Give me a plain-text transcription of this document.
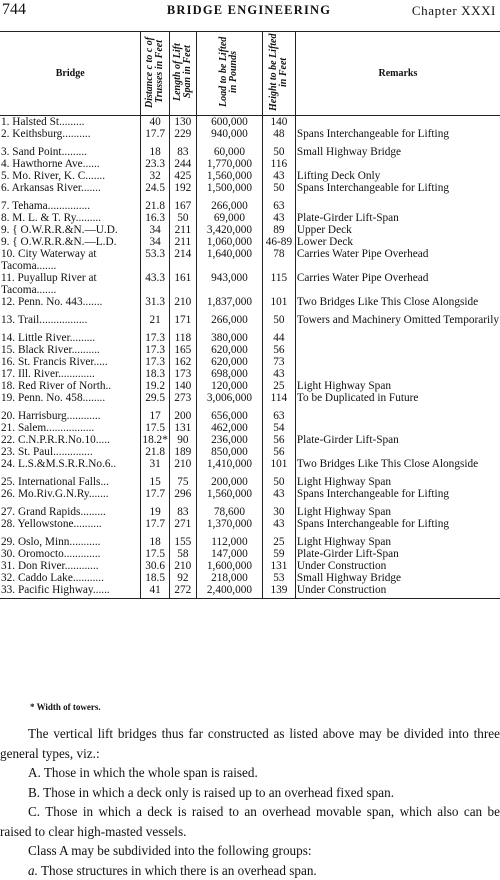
744	BRIDGE ENGINEERING	Chapter XXXI
Bridge	Distance c to c of Trusses in Feet	Length of Lift Span in Feet	Load to be Lifted in Pounds	Height to be Lifted in Feet	Remarks
1. Halsted St.........	40	130	600,000	140	
2. Keithsburg..........	17.7	229	940,000	48	Spans Interchangeable for Lifting
3. Sand Point.........	18	83	60,000	50	Small Highway Bridge
4. Hawthorne Ave......	23.3	244	1,770,000	116	
5. Mo. River, K. C.......	32	425	1,560,000	43	Lifting Deck Only
6. Arkansas River.......	24.5	192	1,500,000	50	Spans Interchangeable for Lifting
7. Tehama...............	21.8	167	266,000	63	
8. M. L. & T. Ry.........	16.3	50	69,000	43	Plate-Girder Lift-Span
9. { O.W.R.R.&N.—U.D.	34	211	3,420,000	89	Upper Deck
9. { O.W.R.R.&N.—L.D.	34	211	1,060,000	46-89	Lower Deck
10. City Waterway at Tacoma.......	53.3	214	1,640,000	78	Carries Water Pipe Overhead
11. Puyallup River at Tacoma.......	43.3	161	943,000	115	Carries Water Pipe Overhead
12. Penn. No. 443.......	31.3	210	1,837,000	101	Two Bridges Like This Close Alongside
13. Trail.................	21	171	266,000	50	Towers and Machinery Omitted Temporarily
14. Little River.........	17.3	118	380,000	44	
15. Black River..........	17.3	165	620,000	56	
16. St. Francis River.....	17.3	162	620,000	73	
17. Ill. River.............	18.3	173	698,000	43	
18. Red River of North..	19.2	140	120,000	25	Light Highway Span
19. Penn. No. 458........	29.5	273	3,006,000	114	To be Duplicated in Future
20. Harrisburg............	17	200	656,000	63	
21. Salem.................	17.5	131	462,000	54	
22. C.N.P.R.R.No.10.....	18.2*	90	236,000	56	Plate-Girder Lift-Span
23. St. Paul..............	21.8	189	850,000	56	
24. L.S.&M.S.R.R.No.6..	31	210	1,410,000	101	Two Bridges Like This Close Alongside
25. International Falls...	15	75	200,000	50	Light Highway Span
26. Mo.Riv.G.N.Ry.......	17.7	296	1,560,000	43	Spans Interchangeable for Lifting
27. Grand Rapids.........	19	83	78,600	30	Light Highway Span
28. Yellowstone..........	17.7	271	1,370,000	43	Spans Interchangeable for Lifting
29. Oslo, Minn...........	18	155	112,000	25	Light Highway Span
30. Oromocto.............	17.5	58	147,000	59	Plate-Girder Lift-Span
31. Don River............	30.6	210	1,600,000	131	Under Construction
32. Caddo Lake...........	18.5	92	218,000	53	Small Highway Bridge
33. Pacific Highway......	41	272	2,400,000	139	Under Construction
* Width of towers.

The vertical lift bridges thus far constructed as listed above may be divided into three general types, viz.:

A. Those in which the whole span is raised.

B. Those in which a deck only is raised up to an overhead fixed span.

C. Those in which a deck is raised to an overhead movable span, which also can be raised to clear high-masted vessels.

Class A may be subdivided into the following groups:

a. Those structures in which there is an overhead span.
